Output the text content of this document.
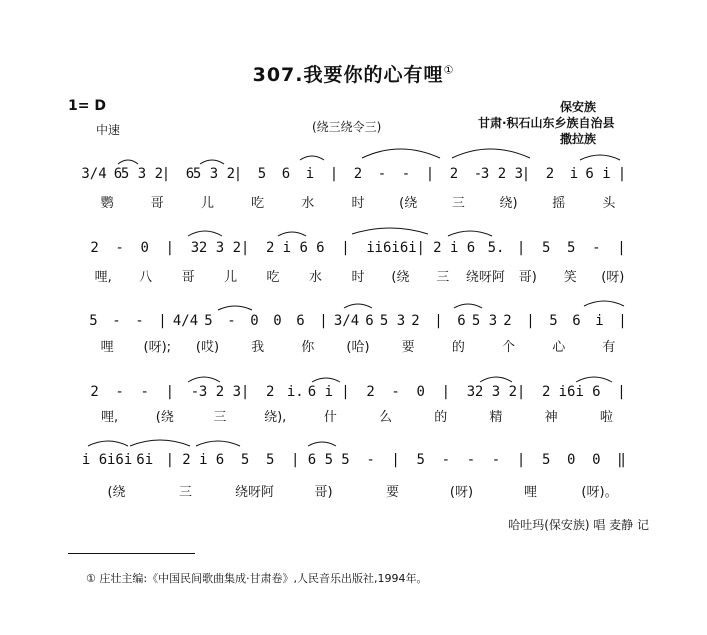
307.我要你的心有哩①
1= D
中速	(绕三绕令三)
保安族
甘肃·积石山东乡族自治县
撒拉族
3/4 6
5 3 2
| 6
5 3 2
| 5 6 i | 2 - - | 2 -
3 2 3
| 2 i 6 i |
鹦	哥	儿	吃	水	时	(绕	三	绕)	摇	头
2 - 0 | 3 2 3 2 | 2 i 6 6 | i i6i6i | 2 i 6 5. | 5 5 - |
哩, 八 哥 儿 吃 水 时 (绕 三 绕呀阿 哥) 笑 (呀)
5 - - | 4/4 5 - 0 0 6 | 3/4 6 5 3 2 | 6 5 3 2 | 5 6 i |
哩 (呀); (哎) 我	你 (哈) 要	的	个	心	有
2 - - | - 3 2 3 | 2 i. 6 i | 2 - 0 | 3 2 3 2 | 2 i6i 6 |
哩,	(绕	三	绕),	什	么	的	精	神	啦
i 6 i6i 6i | 2 i 6 5 5 | 6 5 5 - | 5 - - - | 5 0 0 ‖
(绕	三	绕呀阿	哥)	要	(呀)	哩	(呀)。
哈吐玛(保安族) 唱 麦静 记
① 庄壮主编:《中国民间歌曲集成·甘肃卷》,人民音乐出版社,1994年。
